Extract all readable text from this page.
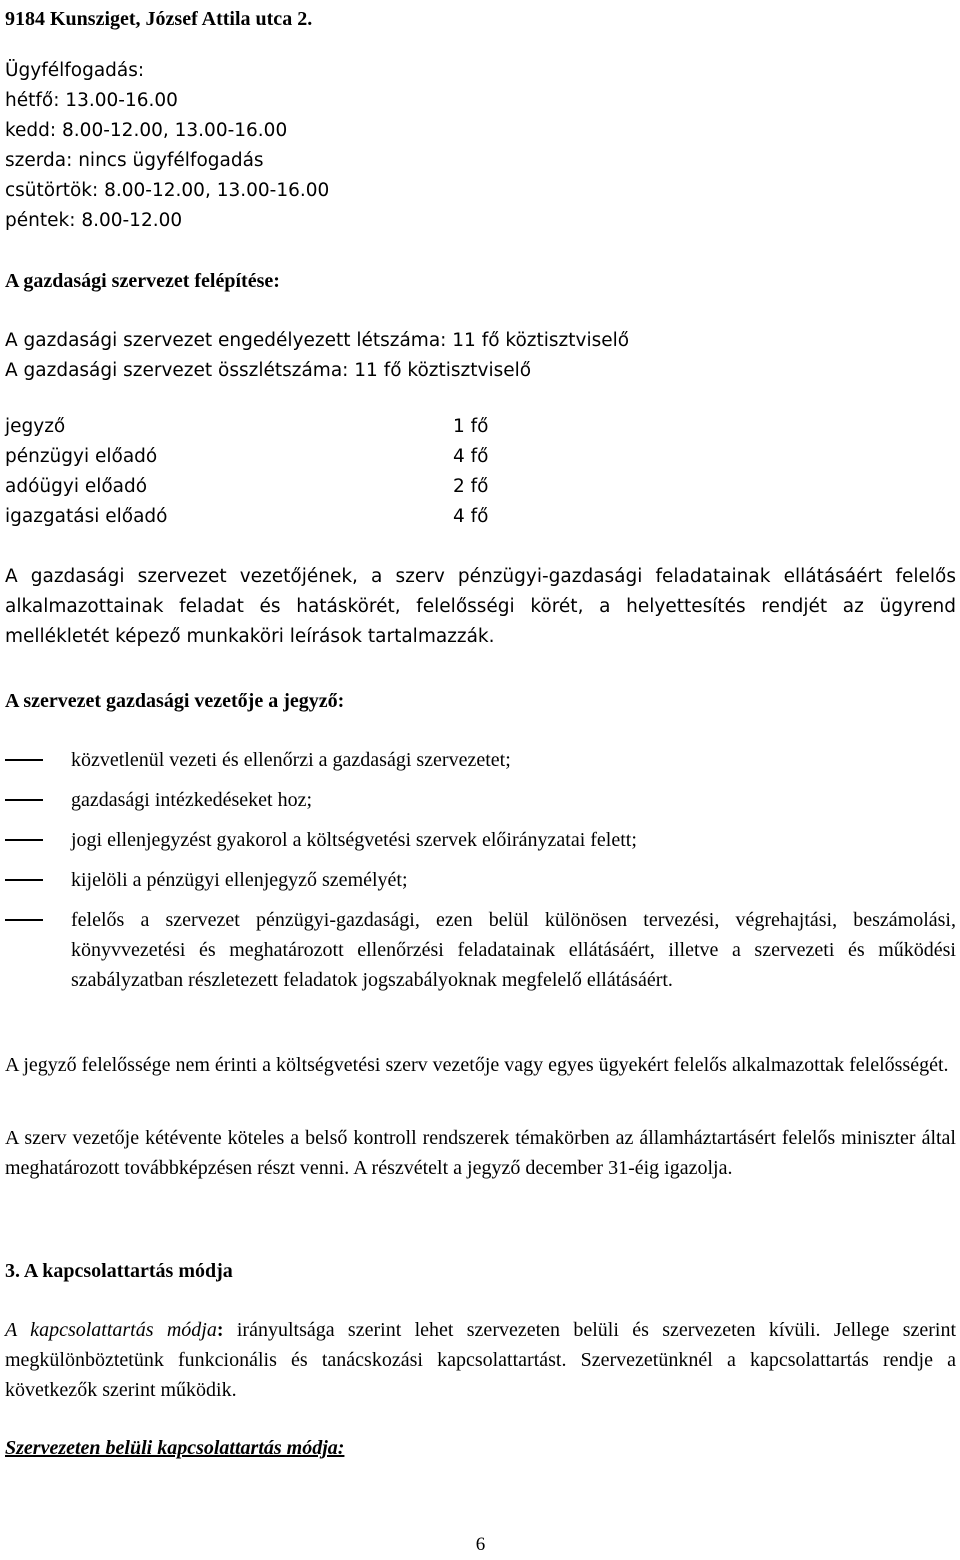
9184 Kunsziget, József Attila utca 2.
Ügyfélfogadás:
hétfő: 13.00-16.00
kedd: 8.00-12.00, 13.00-16.00
szerda: nincs ügyfélfogadás
csütörtök: 8.00-12.00, 13.00-16.00
péntek: 8.00-12.00
A gazdasági szervezet felépítése:
A gazdasági szervezet engedélyezett létszáma: 11 fő köztisztviselő
A gazdasági szervezet összlétszáma: 11 fő köztisztviselő
jegyző	1 fő
pénzügyi előadó	4 fő
adóügyi előadó	2 fő
igazgatási előadó	4 fő
A gazdasági szervezet vezetőjének, a szerv pénzügyi-gazdasági feladatainak ellátásáért felelős alkalmazottainak feladat és hatáskörét, felelősségi körét, a helyettesítés rendjét az ügyrend mellékletét képező munkaköri leírások tartalmazzák.
A szervezet gazdasági vezetője a jegyző:
közvetlenül vezeti és ellenőrzi a gazdasági szervezetet;
gazdasági intézkedéseket hoz;
jogi ellenjegyzést gyakorol a költségvetési szervek előirányzatai felett;
kijelöli a pénzügyi ellenjegyző személyét;
felelős a szervezet pénzügyi-gazdasági, ezen belül különösen tervezési, végrehajtási, beszámolási, könyvvezetési és meghatározott ellenőrzési feladatainak ellátásáért, illetve a szervezeti és működési szabályzatban részletezett feladatok jogszabályoknak megfelelő ellátásáért.
A jegyző felelőssége nem érinti a költségvetési szerv vezetője vagy egyes ügyekért felelős alkalmazottak felelősségét.
A szerv vezetője kétévente köteles a belső kontroll rendszerek témakörben az államháztartásért felelős miniszter által meghatározott továbbképzésen részt venni. A részvételt a jegyző december 31-éig igazolja.
3. A kapcsolattartás módja
A kapcsolattartás módja: irányultsága szerint lehet szervezeten belüli és szervezeten kívüli. Jellege szerint megkülönböztetünk funkcionális és tanácskozási kapcsolattartást. Szervezetünknél a kapcsolattartás rendje a következők szerint működik.
Szervezeten belüli kapcsolattartás módja:
6
